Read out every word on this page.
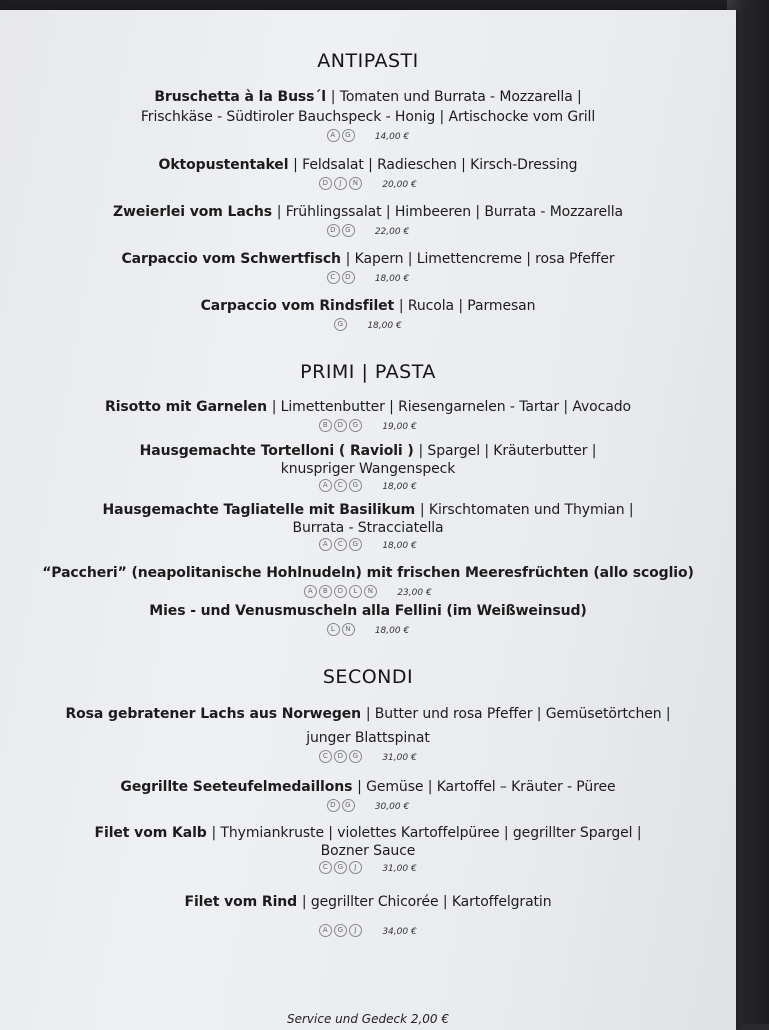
ANTIPASTI
Bruschetta à la Buss´l | Tomaten und Burrata - Mozzarella |
Frischkäse - Südtiroler Bauchspeck - Honig | Artischocke vom Grill
A G	14,00 €
Oktopustentakel | Feldsalat | Radieschen | Kirsch-Dressing
D J N	20,00 €
Zweierlei vom Lachs | Frühlingssalat | Himbeeren | Burrata - Mozzarella
D G	22,00 €
Carpaccio vom Schwertfisch | Kapern | Limettencreme | rosa Pfeffer
C D	18,00 €
Carpaccio vom Rindsfilet | Rucola | Parmesan
G	18,00 €
PRIMI | PASTA
Risotto mit Garnelen | Limettenbutter | Riesengarnelen - Tartar | Avocado
B D G	19,00 €
Hausgemachte Tortelloni ( Ravioli ) | Spargel | Kräuterbutter |
knuspriger Wangenspeck
A C G	18,00 €
Hausgemachte Tagliatelle mit Basilikum | Kirschtomaten und Thymian |
Burrata - Stracciatella
A C G	18,00 €
“Paccheri” (neapolitanische Hohlnudeln) mit frischen Meeresfrüchten (allo scoglio)
A B D L N	23,00 €
Mies - und Venusmuscheln alla Fellini (im Weißweinsud)
L N	18,00 €
SECONDI
Rosa gebratener Lachs aus Norwegen | Butter und rosa Pfeffer | Gemüsetörtchen |
junger Blattspinat
C D G	31,00 €
Gegrillte Seeteufelmedaillons | Gemüse | Kartoffel – Kräuter - Püree
D G	30,00 €
Filet vom Kalb | Thymiankruste | violettes Kartoffelpüree | gegrillter Spargel |
Bozner Sauce
C G J	31,00 €
Filet vom Rind | gegrillter Chicorée | Kartoffelgratin
A G J	34,00 €
Service und Gedeck 2,00 €
